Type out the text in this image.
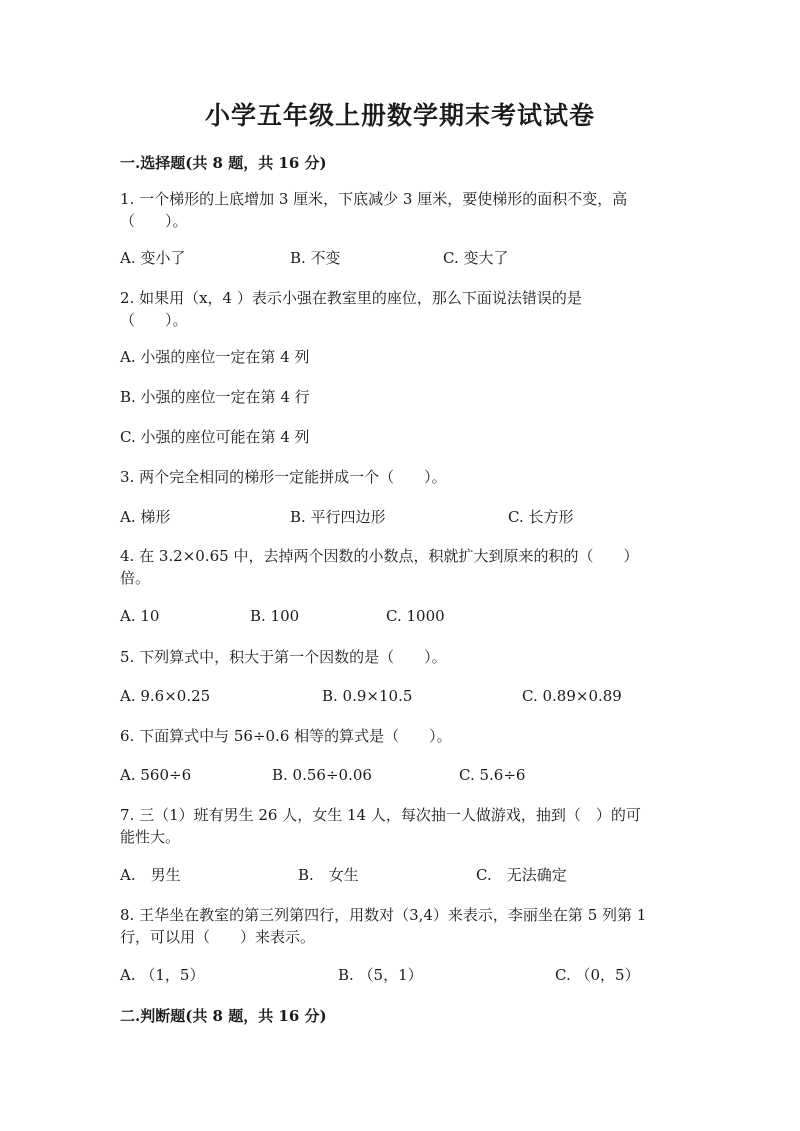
小学五年级上册数学期末考试试卷
一.选择题(共 8 题，共 16 分)
1. 一个梯形的上底增加 3 厘米，下底减少 3 厘米，要使梯形的面积不变，高
（　　）。
A. 变小了	B. 不变	C. 变大了
2. 如果用（x，4 ）表示小强在教室里的座位，那么下面说法错误的是
（　　）。
A. 小强的座位一定在第 4 列
B. 小强的座位一定在第 4 行
C. 小强的座位可能在第 4 列
3. 两个完全相同的梯形一定能拼成一个（　　）。
A. 梯形	B. 平行四边形	C. 长方形
4. 在 3.2×0.65 中，去掉两个因数的小数点，积就扩大到原来的积的（　　）
倍。
A. 10	B. 100	C. 1000
5. 下列算式中，积大于第一个因数的是（　　）。
A. 9.6×0.25	B. 0.9×10.5	C. 0.89×0.89
6. 下面算式中与 56÷0.6 相等的算式是（　　）。
A. 560÷6	B. 0.56÷0.06	C. 5.6÷6
7. 三（1）班有男生 26 人，女生 14 人，每次抽一人做游戏，抽到（　）的可
能性大。
A.　男生	B.　女生	C.　无法确定
8. 王华坐在教室的第三列第四行，用数对（3,4）来表示，李丽坐在第 5 列第 1
行，可以用（　　）来表示。
A. （1，5）	B. （5，1）	C. （0，5）
二.判断题(共 8 题，共 16 分)
